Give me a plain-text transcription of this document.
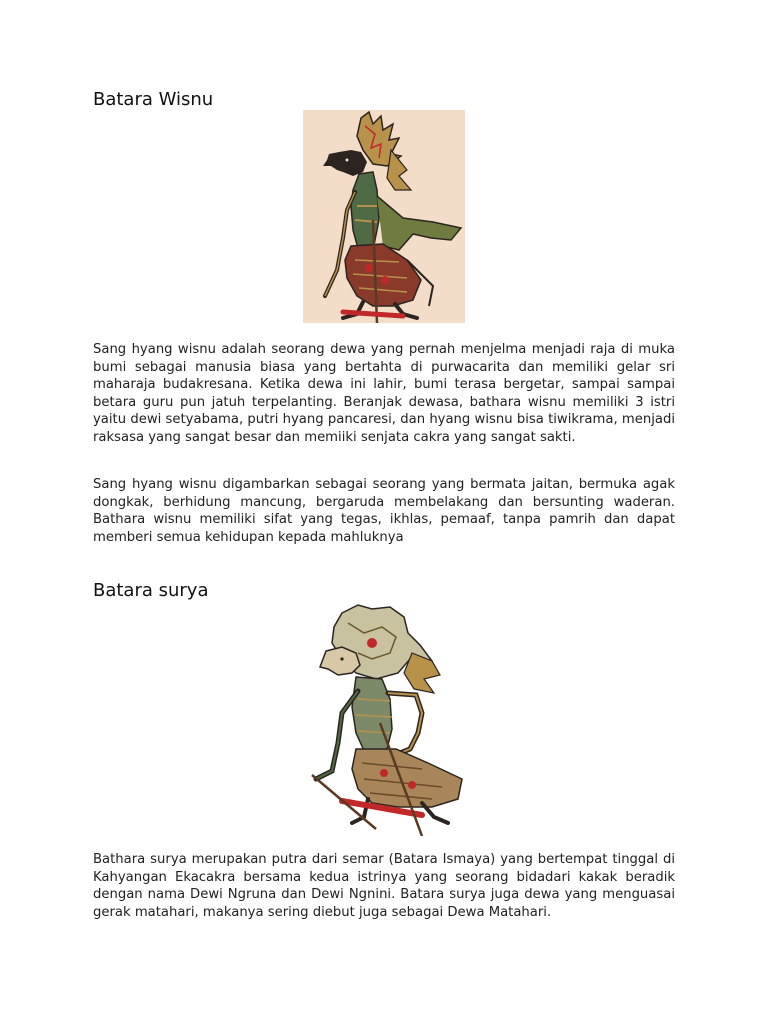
Batara Wisnu

Sang hyang wisnu adalah seorang dewa yang pernah menjelma menjadi raja di muka bumi sebagai manusia biasa yang bertahta di purwacarita dan memiliki gelar sri maharaja budakresana. Ketika dewa ini lahir, bumi terasa bergetar, sampai sampai betara guru pun jatuh terpelanting. Beranjak dewasa, bathara wisnu memiliki 3 istri yaitu dewi setyabama, putri hyang pancaresi, dan hyang wisnu bisa tiwikrama, menjadi raksasa yang sangat besar dan memiiki senjata cakra yang sangat sakti.

Sang hyang wisnu digambarkan sebagai seorang yang bermata jaitan, bermuka agak dongkak, berhidung mancung, bergaruda membelakang dan bersunting waderan. Bathara wisnu memiliki sifat yang tegas, ikhlas, pemaaf, tanpa pamrih dan dapat memberi semua kehidupan kepada mahluknya

Batara surya

Bathara surya merupakan putra dari semar (Batara Ismaya) yang bertempat tinggal di Kahyangan Ekacakra bersama kedua istrinya yang seorang bidadari kakak beradik dengan nama Dewi Ngruna dan Dewi Ngnini. Batara surya juga dewa yang menguasai gerak matahari, makanya sering diebut juga sebagai Dewa Matahari.
